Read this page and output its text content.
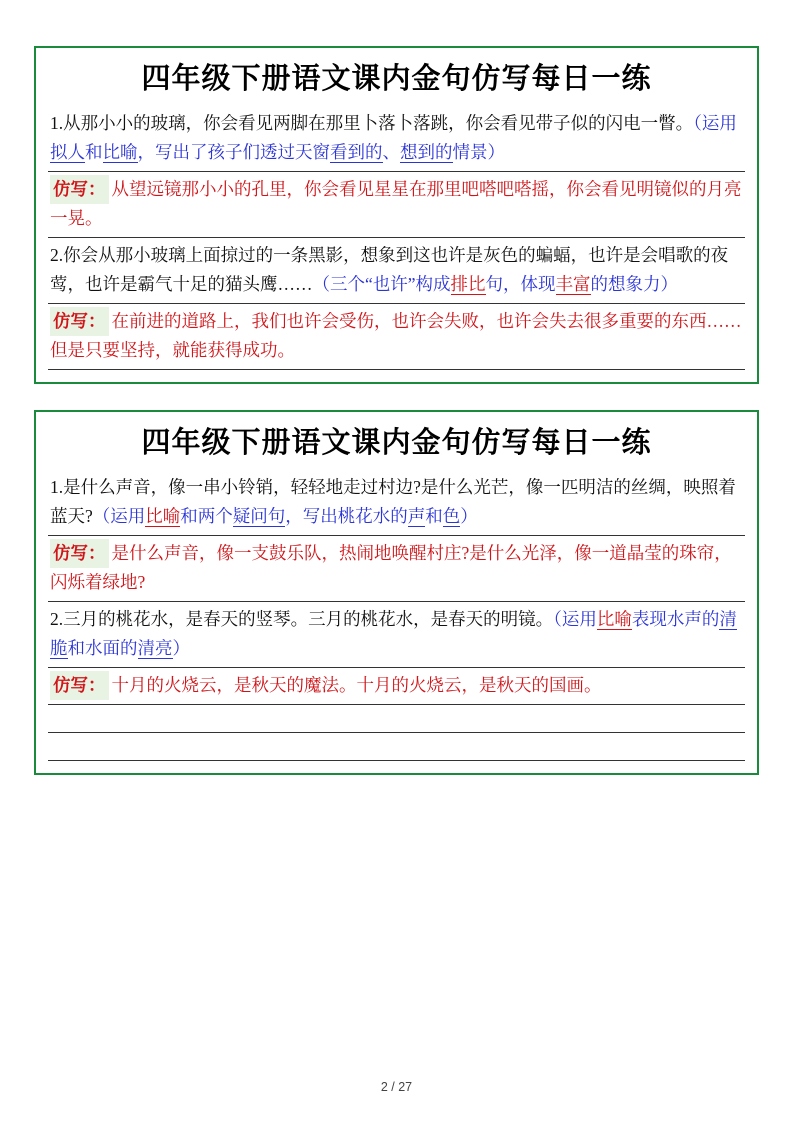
四年级下册语文课内金句仿写每日一练
1.从那小小的玻璃，你会看见两脚在那里卜落卜落跳，你会看见带子似的闪电一瞥。（运用拟人和比喻，写出了孩子们透过天窗看到的、想到的情景）
仿写： 从望远镜那小小的孔里，你会看见星星在那里吧嗒吧嗒摇，你会看见明镜似的月亮一晃。
2.你会从那小玻璃上面掠过的一条黑影，想象到这也许是灰色的蝙蝠，也许是会唱歌的夜莺，也许是霸气十足的猫头鹰……（三个“也许”构成排比句，体现丰富的想象力）
仿写： 在前进的道路上，我们也许会受伤，也许会失败，也许会失去很多重要的东西……但是只要坚持，就能获得成功。
四年级下册语文课内金句仿写每日一练
1.是什么声音，像一串小铃销，轻轻地走过村边?是什么光芒，像一匹明洁的丝绸，映照着蓝天?（运用比喻和两个疑问句，写出桃花水的声和色）
仿写： 是什么声音，像一支鼓乐队，热闹地唤醒村庄?是什么光泽，像一道晶莹的珠帘，闪烁着绿地?
2.三月的桃花水，是春天的竖琴。三月的桃花水，是春天的明镜。（运用比喻表现水声的清脆和水面的清亮）
仿写： 十月的火烧云，是秋天的魔法。十月的火烧云，是秋天的国画。
2 / 27
